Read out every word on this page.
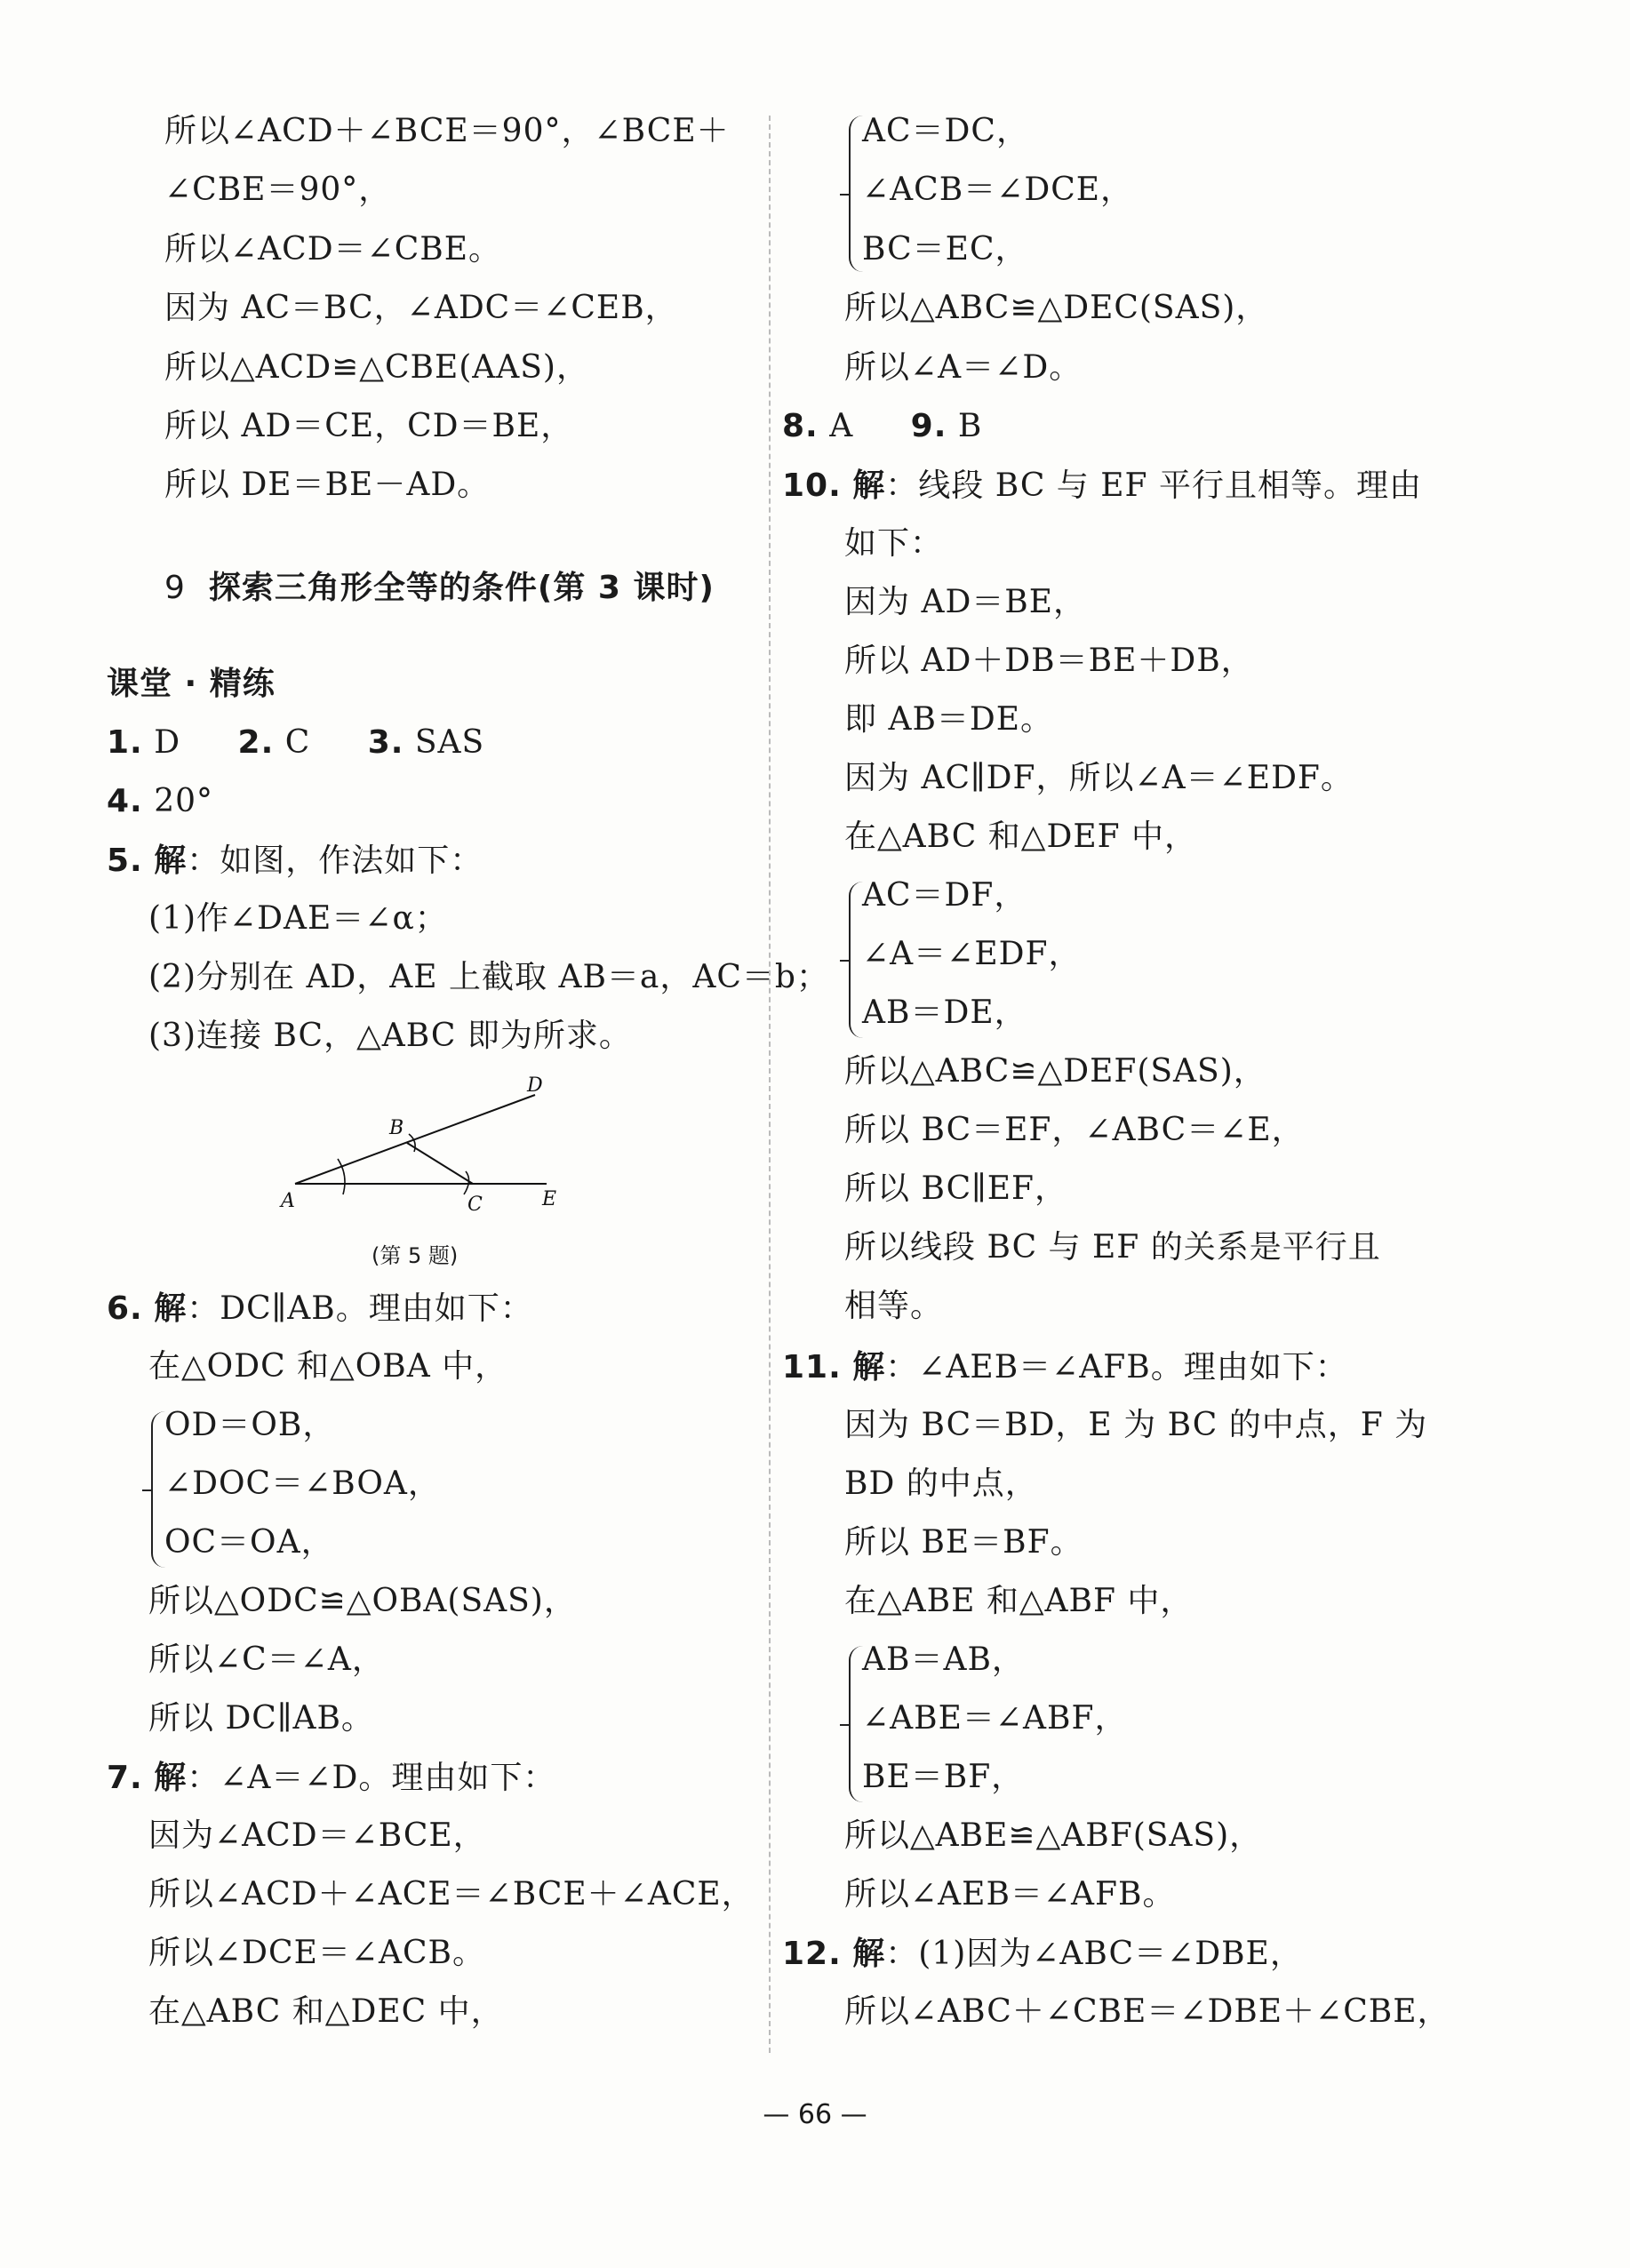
所以∠ACD＋∠BCE＝90°，∠BCE＋
∠CBE＝90°，
所以∠ACD＝∠CBE。
因为 AC＝BC，∠ADC＝∠CEB，
所以△ACD≌△CBE(AAS)，
所以 AD＝CE，CD＝BE，
所以 DE＝BE－AD。
9 探索三角形全等的条件(第 3 课时)
课堂 · 精练
1. D 2. C 3. SAS
4. 20°
5. 解：如图，作法如下：
(1)作∠DAE＝∠α；
(2)分别在 AD，AE 上截取 AB＝a，AC＝b；
(3)连接 BC，△ABC 即为所求。
A
B
C
D
E
(第 5 题)
6. 解：DC∥AB。理由如下：
在△ODC 和△OBA 中，
OD＝OB，
∠DOC＝∠BOA，
OC＝OA，
所以△ODC≌△OBA(SAS)，
所以∠C＝∠A，
所以 DC∥AB。
7. 解：∠A＝∠D。理由如下：
因为∠ACD＝∠BCE，
所以∠ACD＋∠ACE＝∠BCE＋∠ACE，
所以∠DCE＝∠ACB。
在△ABC 和△DEC 中，
AC＝DC，
∠ACB＝∠DCE，
BC＝EC，
所以△ABC≌△DEC(SAS)，
所以∠A＝∠D。
8. A 9. B
10. 解：线段 BC 与 EF 平行且相等。理由
如下：
因为 AD＝BE，
所以 AD＋DB＝BE＋DB，
即 AB＝DE。
因为 AC∥DF，所以∠A＝∠EDF。
在△ABC 和△DEF 中，
AC＝DF，
∠A＝∠EDF，
AB＝DE，
所以△ABC≌△DEF(SAS)，
所以 BC＝EF，∠ABC＝∠E，
所以 BC∥EF，
所以线段 BC 与 EF 的关系是平行且
相等。
11. 解：∠AEB＝∠AFB。理由如下：
因为 BC＝BD，E 为 BC 的中点，F 为
BD 的中点，
所以 BE＝BF。
在△ABE 和△ABF 中，
AB＝AB，
∠ABE＝∠ABF，
BE＝BF，
所以△ABE≌△ABF(SAS)，
所以∠AEB＝∠AFB。
12. 解：(1)因为∠ABC＝∠DBE，
所以∠ABC＋∠CBE＝∠DBE＋∠CBE，
— 66 —
